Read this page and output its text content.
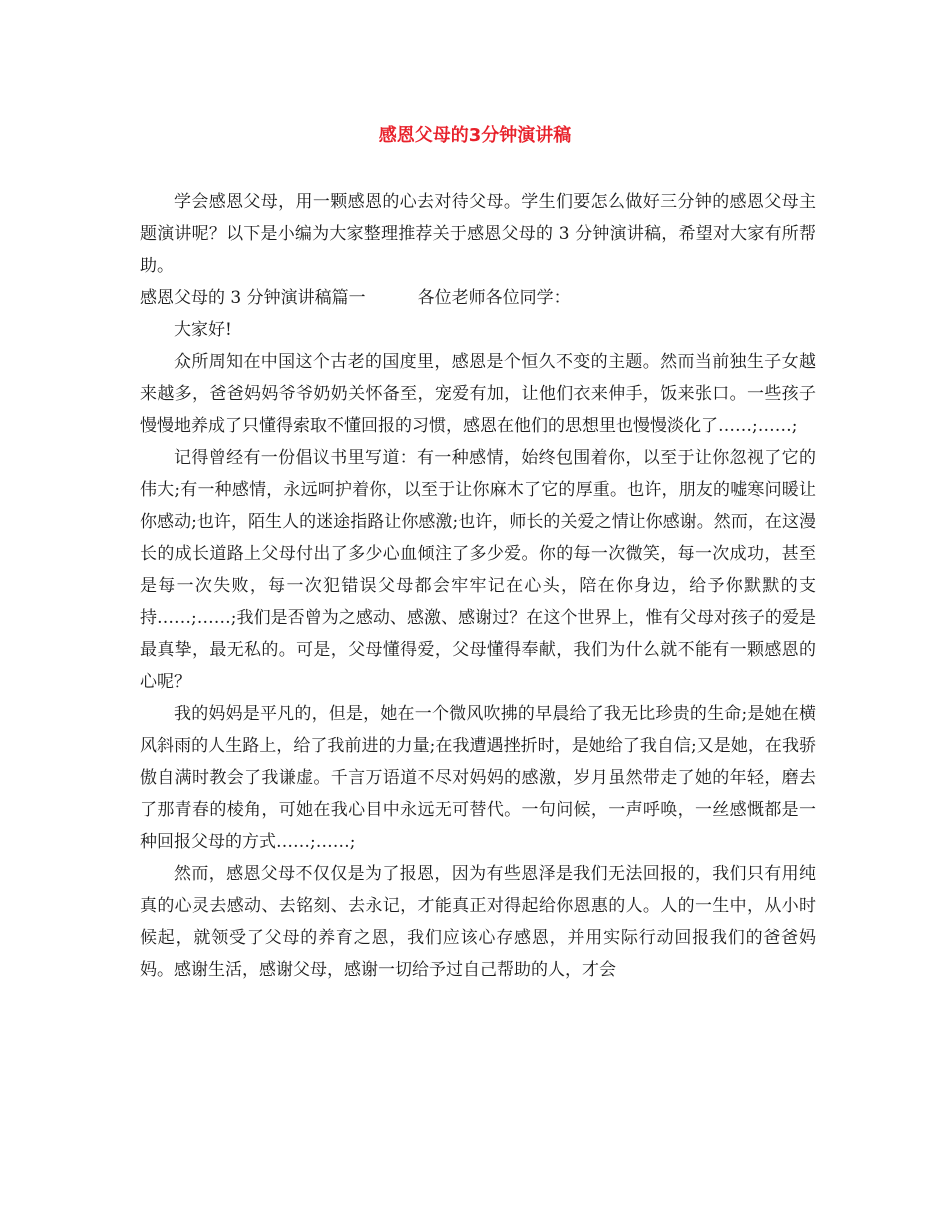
感恩父母的3分钟演讲稿

学会感恩父母，用一颗感恩的心去对待父母。学生们要怎么做好三分钟的感恩父母主题演讲呢？以下是小编为大家整理推荐关于感恩父母的 3 分钟演讲稿，希望对大家有所帮助。

感恩父母的 3 分钟演讲稿篇一	各位老师各位同学：

大家好!

众所周知在中国这个古老的国度里，感恩是个恒久不变的主题。然而当前独生子女越来越多，爸爸妈妈爷爷奶奶关怀备至，宠爱有加，让他们衣来伸手，饭来张口。一些孩子慢慢地养成了只懂得索取不懂回报的习惯，感恩在他们的思想里也慢慢淡化了……;……;

记得曾经有一份倡议书里写道：有一种感情，始终包围着你，以至于让你忽视了它的伟大;有一种感情，永远呵护着你，以至于让你麻木了它的厚重。也许，朋友的嘘寒问暖让你感动;也许，陌生人的迷途指路让你感激;也许，师长的关爱之情让你感谢。然而，在这漫长的成长道路上父母付出了多少心血倾注了多少爱。你的每一次微笑，每一次成功，甚至是每一次失败，每一次犯错误父母都会牢牢记在心头，陪在你身边，给予你默默的支持……;……;我们是否曾为之感动、感激、感谢过？在这个世界上，惟有父母对孩子的爱是最真挚，最无私的。可是，父母懂得爱，父母懂得奉献，我们为什么就不能有一颗感恩的心呢？

我的妈妈是平凡的，但是，她在一个微风吹拂的早晨给了我无比珍贵的生命;是她在横风斜雨的人生路上，给了我前进的力量;在我遭遇挫折时，是她给了我自信;又是她，在我骄傲自满时教会了我谦虚。千言万语道不尽对妈妈的感激，岁月虽然带走了她的年轻，磨去了那青春的棱角，可她在我心目中永远无可替代。一句问候，一声呼唤，一丝感慨都是一种回报父母的方式……;……;

然而，感恩父母不仅仅是为了报恩，因为有些恩泽是我们无法回报的，我们只有用纯真的心灵去感动、去铭刻、去永记，才能真正对得起给你恩惠的人。人的一生中，从小时候起，就领受了父母的养育之恩，我们应该心存感恩，并用实际行动回报我们的爸爸妈妈。感谢生活，感谢父母，感谢一切给予过自己帮助的人，才会
